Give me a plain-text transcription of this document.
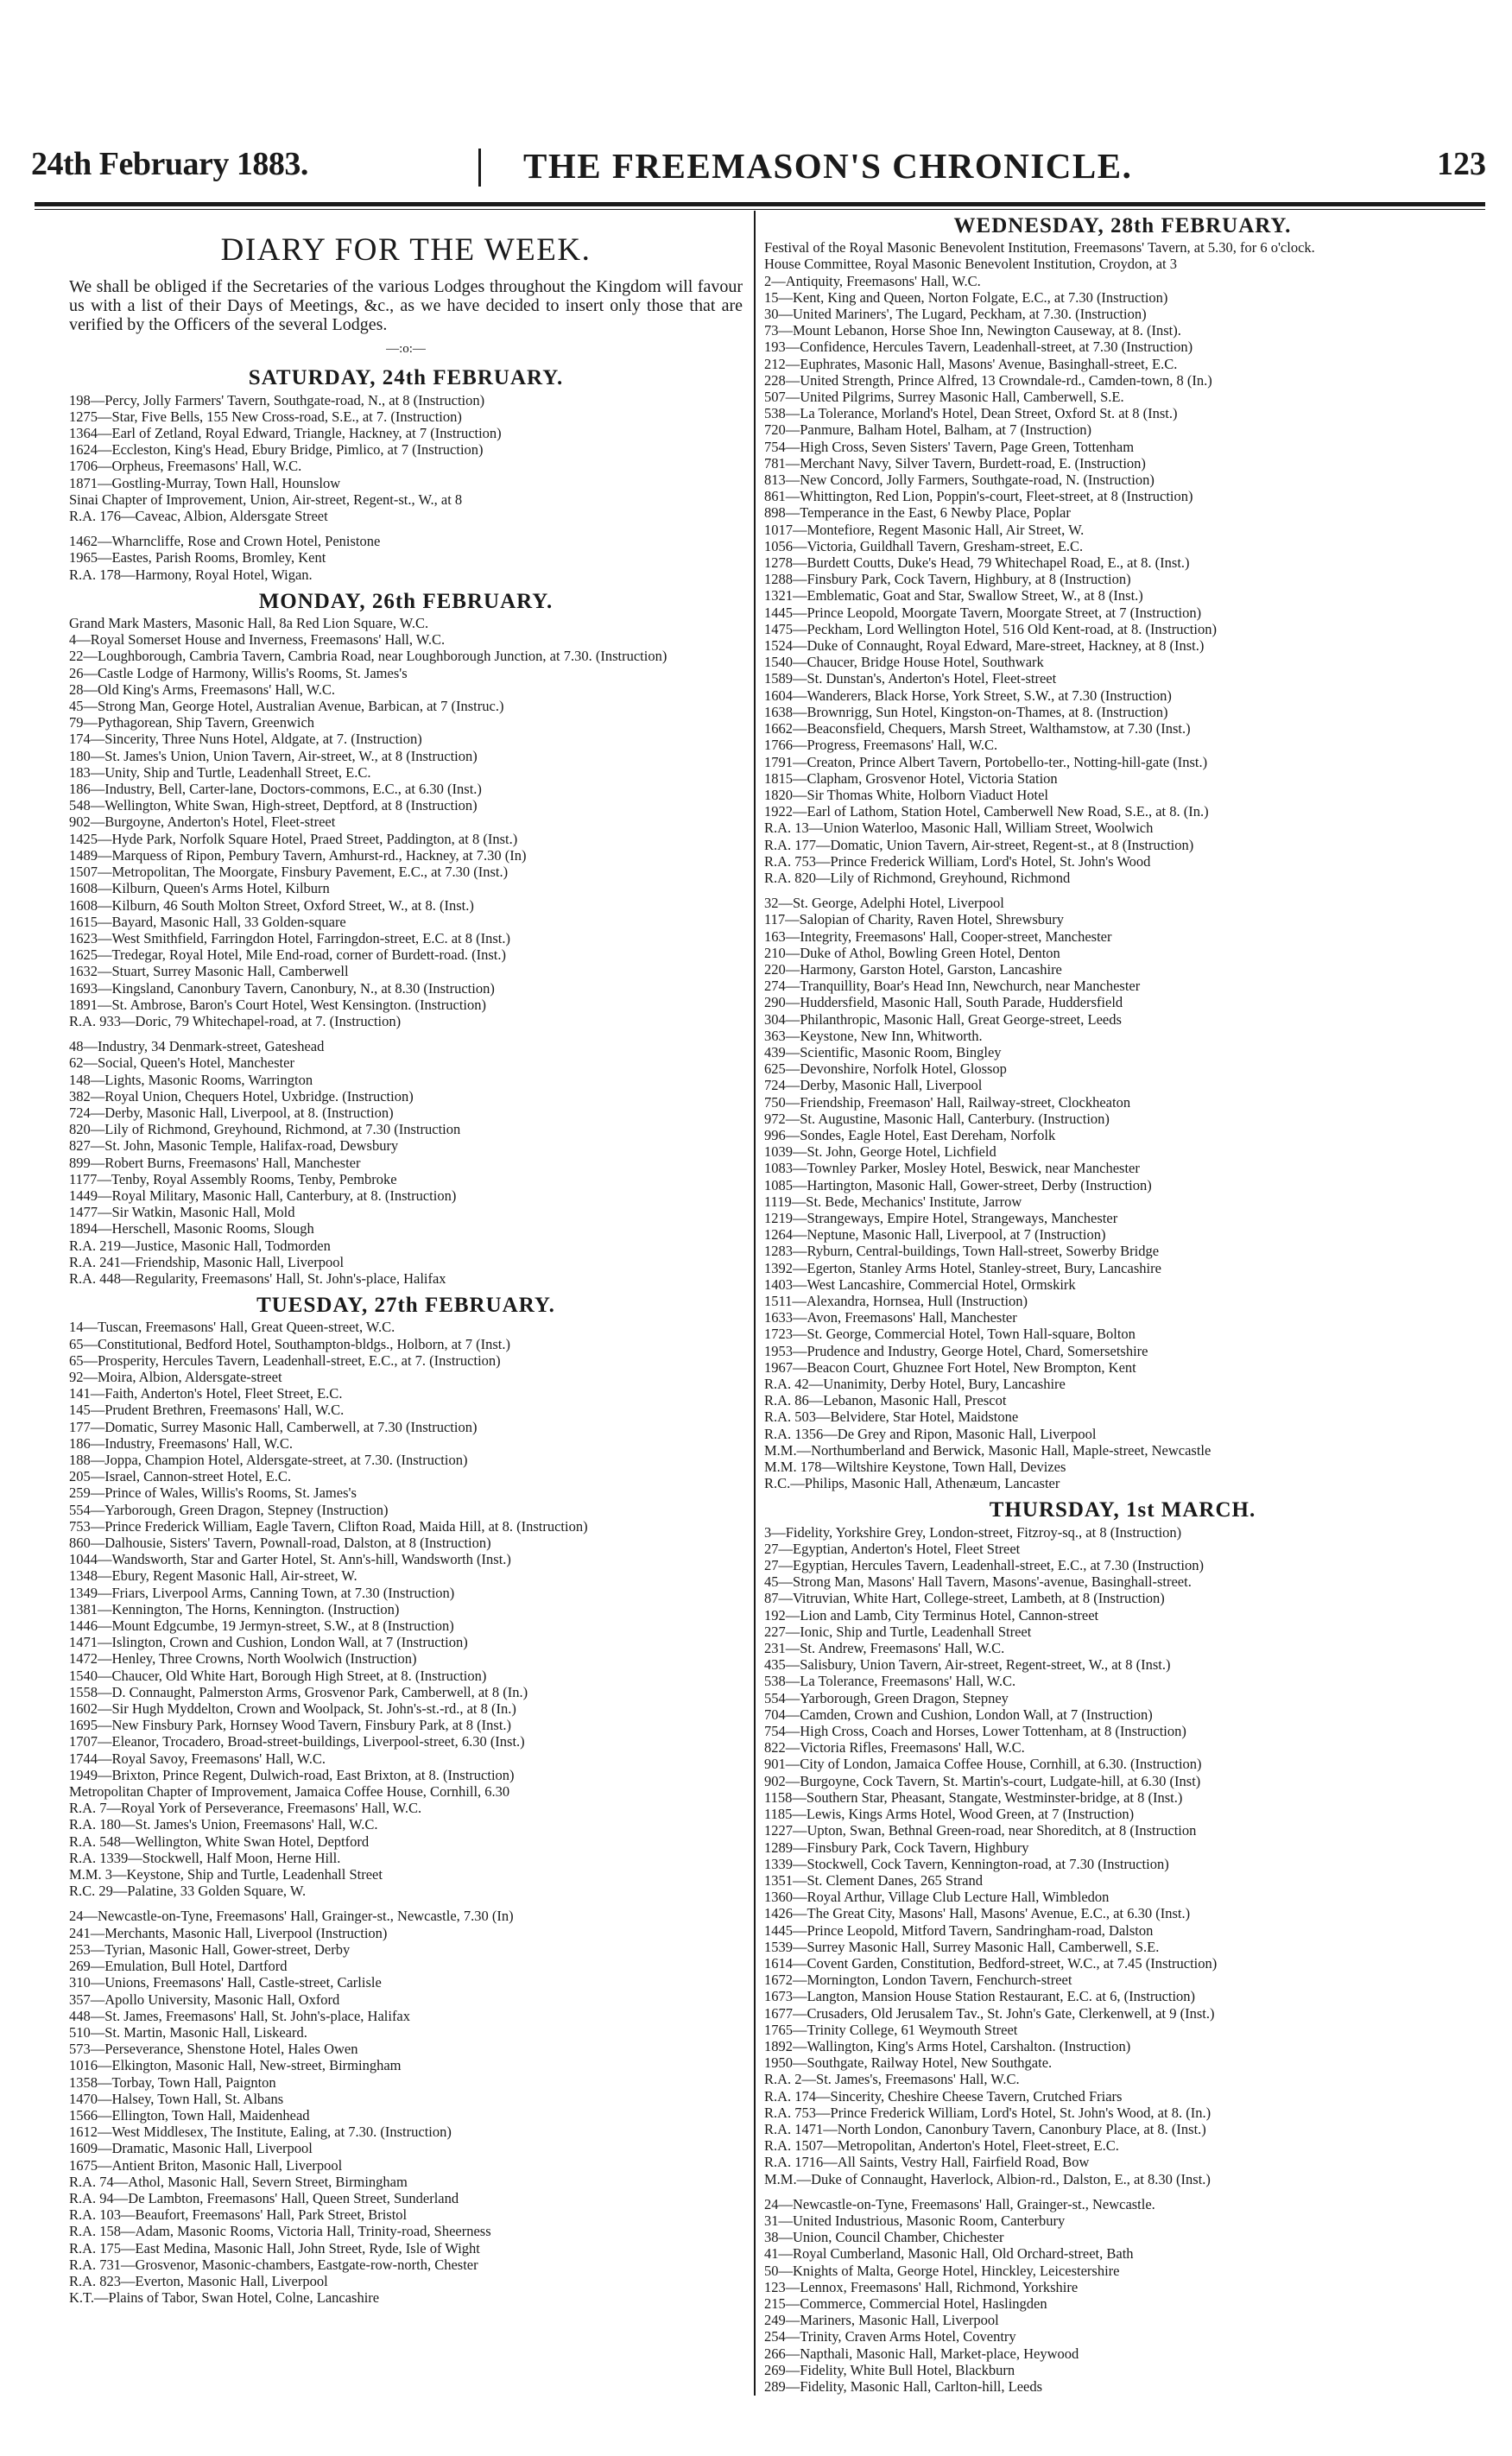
24th February 1883.	THE FREEMASON'S CHRONICLE.	123
DIARY FOR THE WEEK.
We shall be obliged if the Secretaries of the various Lodges throughout the Kingdom will favour us with a list of their Days of Meetings, &c., as we have decided to insert only those that are verified by the Officers of the several Lodges.
—:o:—
SATURDAY, 24th FEBRUARY.
198—Percy, Jolly Farmers' Tavern, Southgate-road, N., at 8 (Instruction)
1275—Star, Five Bells, 155 New Cross-road, S.E., at 7. (Instruction)
1364—Earl of Zetland, Royal Edward, Triangle, Hackney, at 7 (Instruction)
1624—Eccleston, King's Head, Ebury Bridge, Pimlico, at 7 (Instruction)
1706—Orpheus, Freemasons' Hall, W.C.
1871—Gostling-Murray, Town Hall, Hounslow
Sinai Chapter of Improvement, Union, Air-street, Regent-st., W., at 8
R.A. 176—Caveac, Albion, Aldersgate Street
1462—Wharncliffe, Rose and Crown Hotel, Penistone
1965—Eastes, Parish Rooms, Bromley, Kent
R.A. 178—Harmony, Royal Hotel, Wigan.
MONDAY, 26th FEBRUARY.
Grand Mark Masters, Masonic Hall, 8a Red Lion Square, W.C.
4—Royal Somerset House and Inverness, Freemasons' Hall, W.C.
22—Loughborough, Cambria Tavern, Cambria Road, near Loughborough Junction, at 7.30. (Instruction)
26—Castle Lodge of Harmony, Willis's Rooms, St. James's
28—Old King's Arms, Freemasons' Hall, W.C.
45—Strong Man, George Hotel, Australian Avenue, Barbican, at 7 (Instruc.)
79—Pythagorean, Ship Tavern, Greenwich
174—Sincerity, Three Nuns Hotel, Aldgate, at 7. (Instruction)
180—St. James's Union, Union Tavern, Air-street, W., at 8 (Instruction)
183—Unity, Ship and Turtle, Leadenhall Street, E.C.
186—Industry, Bell, Carter-lane, Doctors-commons, E.C., at 6.30 (Inst.)
548—Wellington, White Swan, High-street, Deptford, at 8 (Instruction)
902—Burgoyne, Anderton's Hotel, Fleet-street
1425—Hyde Park, Norfolk Square Hotel, Praed Street, Paddington, at 8 (Inst.)
1489—Marquess of Ripon, Pembury Tavern, Amhurst-rd., Hackney, at 7.30 (In)
1507—Metropolitan, The Moorgate, Finsbury Pavement, E.C., at 7.30 (Inst.)
1608—Kilburn, Queen's Arms Hotel, Kilburn
1608—Kilburn, 46 South Molton Street, Oxford Street, W., at 8. (Inst.)
1615—Bayard, Masonic Hall, 33 Golden-square
1623—West Smithfield, Farringdon Hotel, Farringdon-street, E.C. at 8 (Inst.)
1625—Tredegar, Royal Hotel, Mile End-road, corner of Burdett-road. (Inst.)
1632—Stuart, Surrey Masonic Hall, Camberwell
1693—Kingsland, Canonbury Tavern, Canonbury, N., at 8.30 (Instruction)
1891—St. Ambrose, Baron's Court Hotel, West Kensington. (Instruction)
R.A. 933—Doric, 79 Whitechapel-road, at 7. (Instruction)
48—Industry, 34 Denmark-street, Gateshead
62—Social, Queen's Hotel, Manchester
148—Lights, Masonic Rooms, Warrington
382—Royal Union, Chequers Hotel, Uxbridge. (Instruction)
724—Derby, Masonic Hall, Liverpool, at 8. (Instruction)
820—Lily of Richmond, Greyhound, Richmond, at 7.30 (Instruction
827—St. John, Masonic Temple, Halifax-road, Dewsbury
899—Robert Burns, Freemasons' Hall, Manchester
1177—Tenby, Royal Assembly Rooms, Tenby, Pembroke
1449—Royal Military, Masonic Hall, Canterbury, at 8. (Instruction)
1477—Sir Watkin, Masonic Hall, Mold
1894—Herschell, Masonic Rooms, Slough
R.A. 219—Justice, Masonic Hall, Todmorden
R.A. 241—Friendship, Masonic Hall, Liverpool
R.A. 448—Regularity, Freemasons' Hall, St. John's-place, Halifax
TUESDAY, 27th FEBRUARY.
14—Tuscan, Freemasons' Hall, Great Queen-street, W.C.
65—Constitutional, Bedford Hotel, Southampton-bldgs., Holborn, at 7 (Inst.)
65—Prosperity, Hercules Tavern, Leadenhall-street, E.C., at 7. (Instruction)
92—Moira, Albion, Aldersgate-street
141—Faith, Anderton's Hotel, Fleet Street, E.C.
145—Prudent Brethren, Freemasons' Hall, W.C.
177—Domatic, Surrey Masonic Hall, Camberwell, at 7.30 (Instruction)
186—Industry, Freemasons' Hall, W.C.
188—Joppa, Champion Hotel, Aldersgate-street, at 7.30. (Instruction)
205—Israel, Cannon-street Hotel, E.C.
259—Prince of Wales, Willis's Rooms, St. James's
554—Yarborough, Green Dragon, Stepney (Instruction)
753—Prince Frederick William, Eagle Tavern, Clifton Road, Maida Hill, at 8. (Instruction)
860—Dalhousie, Sisters' Tavern, Pownall-road, Dalston, at 8 (Instruction)
1044—Wandsworth, Star and Garter Hotel, St. Ann's-hill, Wandsworth (Inst.)
1348—Ebury, Regent Masonic Hall, Air-street, W.
1349—Friars, Liverpool Arms, Canning Town, at 7.30 (Instruction)
1381—Kennington, The Horns, Kennington. (Instruction)
1446—Mount Edgcumbe, 19 Jermyn-street, S.W., at 8 (Instruction)
1471—Islington, Crown and Cushion, London Wall, at 7 (Instruction)
1472—Henley, Three Crowns, North Woolwich (Instruction)
1540—Chaucer, Old White Hart, Borough High Street, at 8. (Instruction)
1558—D. Connaught, Palmerston Arms, Grosvenor Park, Camberwell, at 8 (In.)
1602—Sir Hugh Myddelton, Crown and Woolpack, St. John's-st.-rd., at 8 (In.)
1695—New Finsbury Park, Hornsey Wood Tavern, Finsbury Park, at 8 (Inst.)
1707—Eleanor, Trocadero, Broad-street-buildings, Liverpool-street, 6.30 (Inst.)
1744—Royal Savoy, Freemasons' Hall, W.C.
1949—Brixton, Prince Regent, Dulwich-road, East Brixton, at 8. (Instruction)
Metropolitan Chapter of Improvement, Jamaica Coffee House, Cornhill, 6.30
R.A. 7—Royal York of Perseverance, Freemasons' Hall, W.C.
R.A. 180—St. James's Union, Freemasons' Hall, W.C.
R.A. 548—Wellington, White Swan Hotel, Deptford
R.A. 1339—Stockwell, Half Moon, Herne Hill.
M.M. 3—Keystone, Ship and Turtle, Leadenhall Street
R.C. 29—Palatine, 33 Golden Square, W.
24—Newcastle-on-Tyne, Freemasons' Hall, Grainger-st., Newcastle, 7.30 (In)
241—Merchants, Masonic Hall, Liverpool (Instruction)
253—Tyrian, Masonic Hall, Gower-street, Derby
269—Emulation, Bull Hotel, Dartford
310—Unions, Freemasons' Hall, Castle-street, Carlisle
357—Apollo University, Masonic Hall, Oxford
448—St. James, Freemasons' Hall, St. John's-place, Halifax
510—St. Martin, Masonic Hall, Liskeard.
573—Perseverance, Shenstone Hotel, Hales Owen
1016—Elkington, Masonic Hall, New-street, Birmingham
1358—Torbay, Town Hall, Paignton
1470—Halsey, Town Hall, St. Albans
1566—Ellington, Town Hall, Maidenhead
1612—West Middlesex, The Institute, Ealing, at 7.30. (Instruction)
1609—Dramatic, Masonic Hall, Liverpool
1675—Antient Briton, Masonic Hall, Liverpool
R.A. 74—Athol, Masonic Hall, Severn Street, Birmingham
R.A. 94—De Lambton, Freemasons' Hall, Queen Street, Sunderland
R.A. 103—Beaufort, Freemasons' Hall, Park Street, Bristol
R.A. 158—Adam, Masonic Rooms, Victoria Hall, Trinity-road, Sheerness
R.A. 175—East Medina, Masonic Hall, John Street, Ryde, Isle of Wight
R.A. 731—Grosvenor, Masonic-chambers, Eastgate-row-north, Chester
R.A. 823—Everton, Masonic Hall, Liverpool
K.T.—Plains of Tabor, Swan Hotel, Colne, Lancashire
WEDNESDAY, 28th FEBRUARY.
Festival of the Royal Masonic Benevolent Institution, Freemasons' Tavern, at 5.30, for 6 o'clock.
House Committee, Royal Masonic Benevolent Institution, Croydon, at 3
2—Antiquity, Freemasons' Hall, W.C.
15—Kent, King and Queen, Norton Folgate, E.C., at 7.30 (Instruction)
30—United Mariners', The Lugard, Peckham, at 7.30. (Instruction)
73—Mount Lebanon, Horse Shoe Inn, Newington Causeway, at 8. (Inst).
193—Confidence, Hercules Tavern, Leadenhall-street, at 7.30 (Instruction)
212—Euphrates, Masonic Hall, Masons' Avenue, Basinghall-street, E.C.
228—United Strength, Prince Alfred, 13 Crowndale-rd., Camden-town, 8 (In.)
507—United Pilgrims, Surrey Masonic Hall, Camberwell, S.E.
538—La Tolerance, Morland's Hotel, Dean Street, Oxford St. at 8 (Inst.)
720—Panmure, Balham Hotel, Balham, at 7 (Instruction)
754—High Cross, Seven Sisters' Tavern, Page Green, Tottenham
781—Merchant Navy, Silver Tavern, Burdett-road, E. (Instruction)
813—New Concord, Jolly Farmers, Southgate-road, N. (Instruction)
861—Whittington, Red Lion, Poppin's-court, Fleet-street, at 8 (Instruction)
898—Temperance in the East, 6 Newby Place, Poplar
1017—Montefiore, Regent Masonic Hall, Air Street, W.
1056—Victoria, Guildhall Tavern, Gresham-street, E.C.
1278—Burdett Coutts, Duke's Head, 79 Whitechapel Road, E., at 8. (Inst.)
1288—Finsbury Park, Cock Tavern, Highbury, at 8 (Instruction)
1321—Emblematic, Goat and Star, Swallow Street, W., at 8 (Inst.)
1445—Prince Leopold, Moorgate Tavern, Moorgate Street, at 7 (Instruction)
1475—Peckham, Lord Wellington Hotel, 516 Old Kent-road, at 8. (Instruction)
1524—Duke of Connaught, Royal Edward, Mare-street, Hackney, at 8 (Inst.)
1540—Chaucer, Bridge House Hotel, Southwark
1589—St. Dunstan's, Anderton's Hotel, Fleet-street
1604—Wanderers, Black Horse, York Street, S.W., at 7.30 (Instruction)
1638—Brownrigg, Sun Hotel, Kingston-on-Thames, at 8. (Instruction)
1662—Beaconsfield, Chequers, Marsh Street, Walthamstow, at 7.30 (Inst.)
1766—Progress, Freemasons' Hall, W.C.
1791—Creaton, Prince Albert Tavern, Portobello-ter., Notting-hill-gate (Inst.)
1815—Clapham, Grosvenor Hotel, Victoria Station
1820—Sir Thomas White, Holborn Viaduct Hotel
1922—Earl of Lathom, Station Hotel, Camberwell New Road, S.E., at 8. (In.)
R.A. 13—Union Waterloo, Masonic Hall, William Street, Woolwich
R.A. 177—Domatic, Union Tavern, Air-street, Regent-st., at 8 (Instruction)
R.A. 753—Prince Frederick William, Lord's Hotel, St. John's Wood
R.A. 820—Lily of Richmond, Greyhound, Richmond
32—St. George, Adelphi Hotel, Liverpool
117—Salopian of Charity, Raven Hotel, Shrewsbury
163—Integrity, Freemasons' Hall, Cooper-street, Manchester
210—Duke of Athol, Bowling Green Hotel, Denton
220—Harmony, Garston Hotel, Garston, Lancashire
274—Tranquillity, Boar's Head Inn, Newchurch, near Manchester
290—Huddersfield, Masonic Hall, South Parade, Huddersfield
304—Philanthropic, Masonic Hall, Great George-street, Leeds
363—Keystone, New Inn, Whitworth.
439—Scientific, Masonic Room, Bingley
625—Devonshire, Norfolk Hotel, Glossop
724—Derby, Masonic Hall, Liverpool
750—Friendship, Freemason' Hall, Railway-street, Clockheaton
972—St. Augustine, Masonic Hall, Canterbury. (Instruction)
996—Sondes, Eagle Hotel, East Dereham, Norfolk
1039—St. John, George Hotel, Lichfield
1083—Townley Parker, Mosley Hotel, Beswick, near Manchester
1085—Hartington, Masonic Hall, Gower-street, Derby (Instruction)
1119—St. Bede, Mechanics' Institute, Jarrow
1219—Strangeways, Empire Hotel, Strangeways, Manchester
1264—Neptune, Masonic Hall, Liverpool, at 7 (Instruction)
1283—Ryburn, Central-buildings, Town Hall-street, Sowerby Bridge
1392—Egerton, Stanley Arms Hotel, Stanley-street, Bury, Lancashire
1403—West Lancashire, Commercial Hotel, Ormskirk
1511—Alexandra, Hornsea, Hull (Instruction)
1633—Avon, Freemasons' Hall, Manchester
1723—St. George, Commercial Hotel, Town Hall-square, Bolton
1953—Prudence and Industry, George Hotel, Chard, Somersetshire
1967—Beacon Court, Ghuznee Fort Hotel, New Brompton, Kent
R.A. 42—Unanimity, Derby Hotel, Bury, Lancashire
R.A. 86—Lebanon, Masonic Hall, Prescot
R.A. 503—Belvidere, Star Hotel, Maidstone
R.A. 1356—De Grey and Ripon, Masonic Hall, Liverpool
M.M.—Northumberland and Berwick, Masonic Hall, Maple-street, Newcastle
M.M. 178—Wiltshire Keystone, Town Hall, Devizes
R.C.—Philips, Masonic Hall, Athenæum, Lancaster
THURSDAY, 1st MARCH.
3—Fidelity, Yorkshire Grey, London-street, Fitzroy-sq., at 8 (Instruction)
27—Egyptian, Anderton's Hotel, Fleet Street
27—Egyptian, Hercules Tavern, Leadenhall-street, E.C., at 7.30 (Instruction)
45—Strong Man, Masons' Hall Tavern, Masons'-avenue, Basinghall-street.
87—Vitruvian, White Hart, College-street, Lambeth, at 8 (Instruction)
192—Lion and Lamb, City Terminus Hotel, Cannon-street
227—Ionic, Ship and Turtle, Leadenhall Street
231—St. Andrew, Freemasons' Hall, W.C.
435—Salisbury, Union Tavern, Air-street, Regent-street, W., at 8 (Inst.)
538—La Tolerance, Freemasons' Hall, W.C.
554—Yarborough, Green Dragon, Stepney
704—Camden, Crown and Cushion, London Wall, at 7 (Instruction)
754—High Cross, Coach and Horses, Lower Tottenham, at 8 (Instruction)
822—Victoria Rifles, Freemasons' Hall, W.C.
901—City of London, Jamaica Coffee House, Cornhill, at 6.30. (Instruction)
902—Burgoyne, Cock Tavern, St. Martin's-court, Ludgate-hill, at 6.30 (Inst)
1158—Southern Star, Pheasant, Stangate, Westminster-bridge, at 8 (Inst.)
1185—Lewis, Kings Arms Hotel, Wood Green, at 7 (Instruction)
1227—Upton, Swan, Bethnal Green-road, near Shoreditch, at 8 (Instruction
1289—Finsbury Park, Cock Tavern, Highbury
1339—Stockwell, Cock Tavern, Kennington-road, at 7.30 (Instruction)
1351—St. Clement Danes, 265 Strand
1360—Royal Arthur, Village Club Lecture Hall, Wimbledon
1426—The Great City, Masons' Hall, Masons' Avenue, E.C., at 6.30 (Inst.)
1445—Prince Leopold, Mitford Tavern, Sandringham-road, Dalston
1539—Surrey Masonic Hall, Surrey Masonic Hall, Camberwell, S.E.
1614—Covent Garden, Constitution, Bedford-street, W.C., at 7.45 (Instruction)
1672—Mornington, London Tavern, Fenchurch-street
1673—Langton, Mansion House Station Restaurant, E.C. at 6, (Instruction)
1677—Crusaders, Old Jerusalem Tav., St. John's Gate, Clerkenwell, at 9 (Inst.)
1765—Trinity College, 61 Weymouth Street
1892—Wallington, King's Arms Hotel, Carshalton. (Instruction)
1950—Southgate, Railway Hotel, New Southgate.
R.A. 2—St. James's, Freemasons' Hall, W.C.
R.A. 174—Sincerity, Cheshire Cheese Tavern, Crutched Friars
R.A. 753—Prince Frederick William, Lord's Hotel, St. John's Wood, at 8. (In.)
R.A. 1471—North London, Canonbury Tavern, Canonbury Place, at 8. (Inst.)
R.A. 1507—Metropolitan, Anderton's Hotel, Fleet-street, E.C.
R.A. 1716—All Saints, Vestry Hall, Fairfield Road, Bow
M.M.—Duke of Connaught, Haverlock, Albion-rd., Dalston, E., at 8.30 (Inst.)
24—Newcastle-on-Tyne, Freemasons' Hall, Grainger-st., Newcastle.
31—United Industrious, Masonic Room, Canterbury
38—Union, Council Chamber, Chichester
41—Royal Cumberland, Masonic Hall, Old Orchard-street, Bath
50—Knights of Malta, George Hotel, Hinckley, Leicestershire
123—Lennox, Freemasons' Hall, Richmond, Yorkshire
215—Commerce, Commercial Hotel, Haslingden
249—Mariners, Masonic Hall, Liverpool
254—Trinity, Craven Arms Hotel, Coventry
266—Napthali, Masonic Hall, Market-place, Heywood
269—Fidelity, White Bull Hotel, Blackburn
289—Fidelity, Masonic Hall, Carlton-hill, Leeds
